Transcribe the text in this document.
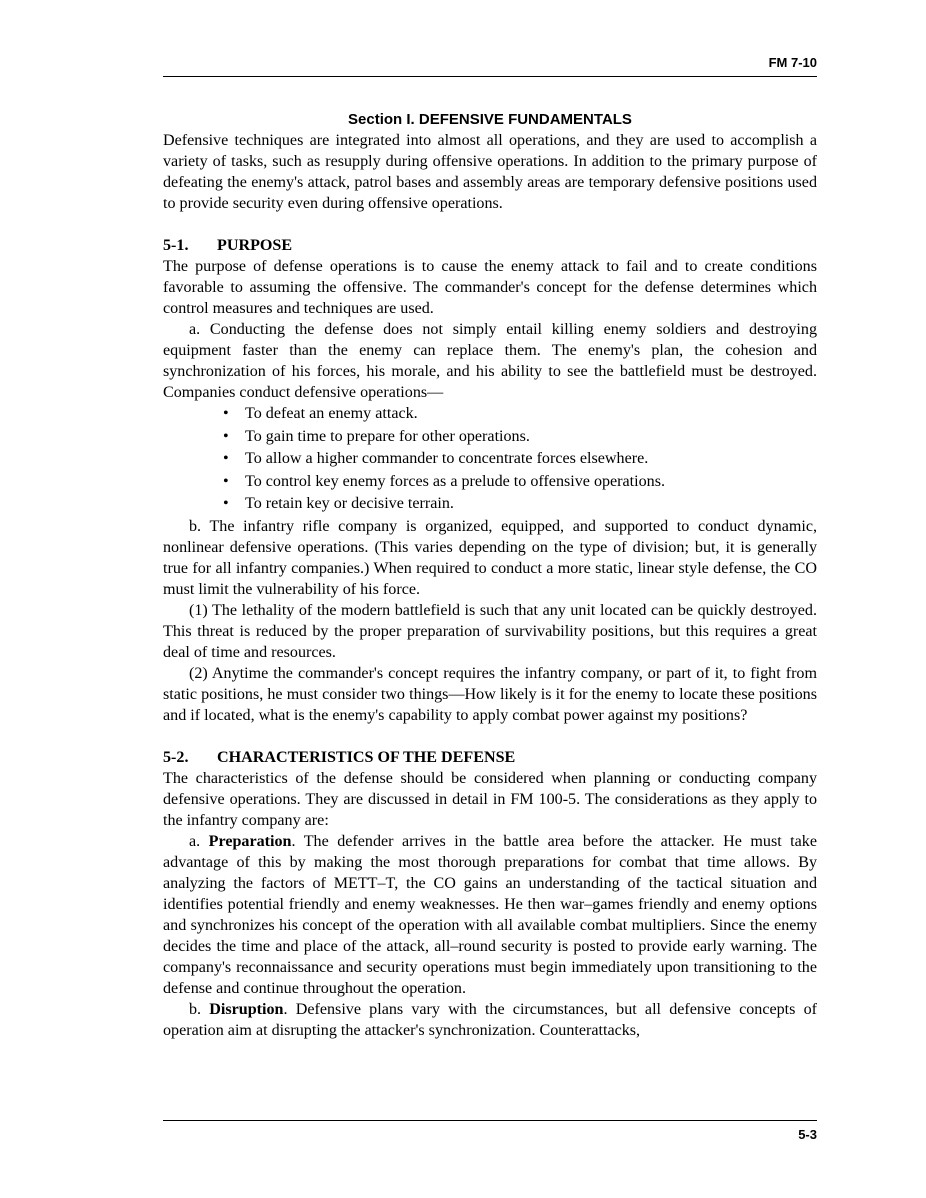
FM 7-10
Section I. DEFENSIVE FUNDAMENTALS

Defensive techniques are integrated into almost all operations, and they are used to accomplish a variety of tasks, such as resupply during offensive operations. In addition to the primary purpose of defeating the enemy's attack, patrol bases and assembly areas are temporary defensive positions used to provide security even during offensive operations.

5-1. PURPOSE

The purpose of defense operations is to cause the enemy attack to fail and to create conditions favorable to assuming the offensive. The commander's concept for the defense determines which control measures and techniques are used.

a. Conducting the defense does not simply entail killing enemy soldiers and destroying equipment faster than the enemy can replace them. The enemy's plan, the cohesion and synchronization of his forces, his morale, and his ability to see the battlefield must be destroyed. Companies conduct defensive operations—

• To defeat an enemy attack.
• To gain time to prepare for other operations.
• To allow a higher commander to concentrate forces elsewhere.
• To control key enemy forces as a prelude to offensive operations.
• To retain key or decisive terrain.

b. The infantry rifle company is organized, equipped, and supported to conduct dynamic, nonlinear defensive operations. (This varies depending on the type of division; but, it is generally true for all infantry companies.) When required to conduct a more static, linear style defense, the CO must limit the vulnerability of his force.

(1) The lethality of the modern battlefield is such that any unit located can be quickly destroyed. This threat is reduced by the proper preparation of survivability positions, but this requires a great deal of time and resources.

(2) Anytime the commander's concept requires the infantry company, or part of it, to fight from static positions, he must consider two things—How likely is it for the enemy to locate these positions and if located, what is the enemy's capability to apply combat power against my positions?

5-2. CHARACTERISTICS OF THE DEFENSE

The characteristics of the defense should be considered when planning or conducting company defensive operations. They are discussed in detail in FM 100-5. The considerations as they apply to the infantry company are:

a. Preparation. The defender arrives in the battle area before the attacker. He must take advantage of this by making the most thorough preparations for combat that time allows. By analyzing the factors of METT–T, the CO gains an understanding of the tactical situation and identifies potential friendly and enemy weaknesses. He then war–games friendly and enemy options and synchronizes his concept of the operation with all available combat multipliers. Since the enemy decides the time and place of the attack, all–round security is posted to provide early warning. The company's reconnaissance and security operations must begin immediately upon transitioning to the defense and continue throughout the operation.

b. Disruption. Defensive plans vary with the circumstances, but all defensive concepts of operation aim at disrupting the attacker's synchronization. Counterattacks,

5-3
